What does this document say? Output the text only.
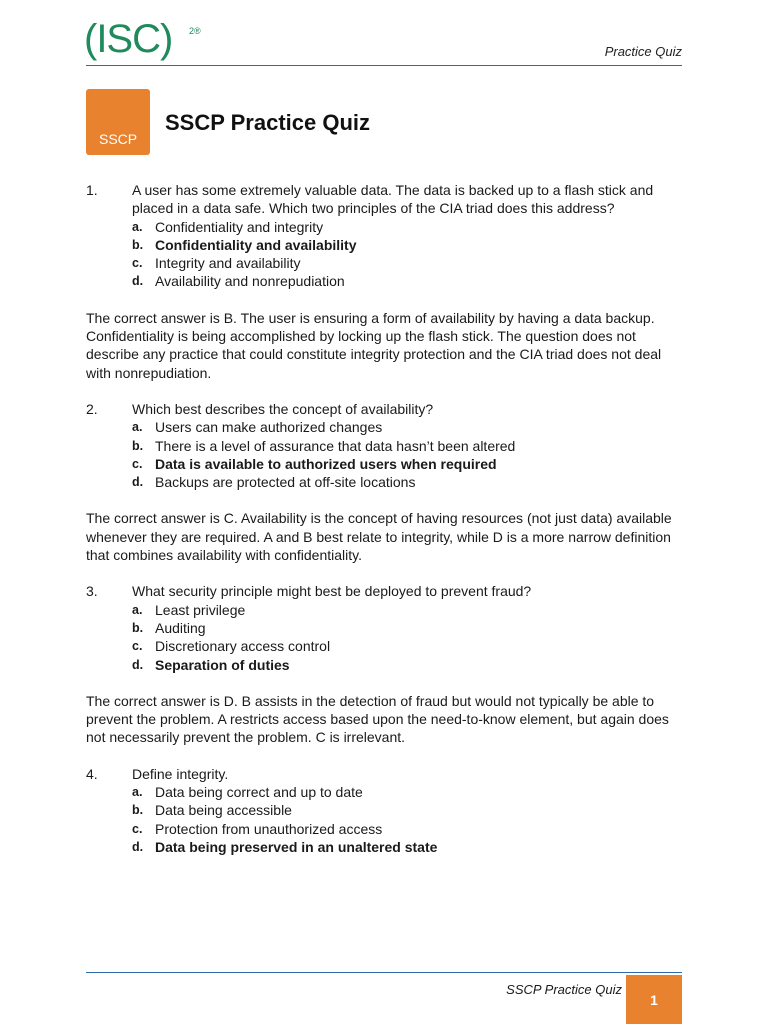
(ISC) 2®
Practice Quiz
SSCP
SSCP Practice Quiz
1. A user has some extremely valuable data. The data is backed up to a flash stick and placed in a data safe. Which two principles of the CIA triad does this address?
a. Confidentiality and integrity
b. Confidentiality and availability
c. Integrity and availability
d. Availability and nonrepudiation
The correct answer is B. The user is ensuring a form of availability by having a data backup. Confidentiality is being accomplished by locking up the flash stick. The question does not describe any practice that could constitute integrity protection and the CIA triad does not deal with nonrepudiation.
2. Which best describes the concept of availability?
a. Users can make authorized changes
b. There is a level of assurance that data hasn’t been altered
c. Data is available to authorized users when required
d. Backups are protected at off-site locations
The correct answer is C. Availability is the concept of having resources (not just data) available whenever they are required. A and B best relate to integrity, while D is a more narrow definition that combines availability with confidentiality.
3. What security principle might best be deployed to prevent fraud?
a. Least privilege
b. Auditing
c. Discretionary access control
d. Separation of duties
The correct answer is D. B assists in the detection of fraud but would not typically be able to prevent the problem. A restricts access based upon the need-to-know element, but again does not necessarily prevent the problem. C is irrelevant.
4. Define integrity.
a. Data being correct and up to date
b. Data being accessible
c. Protection from unauthorized access
d. Data being preserved in an unaltered state
SSCP Practice Quiz
1
